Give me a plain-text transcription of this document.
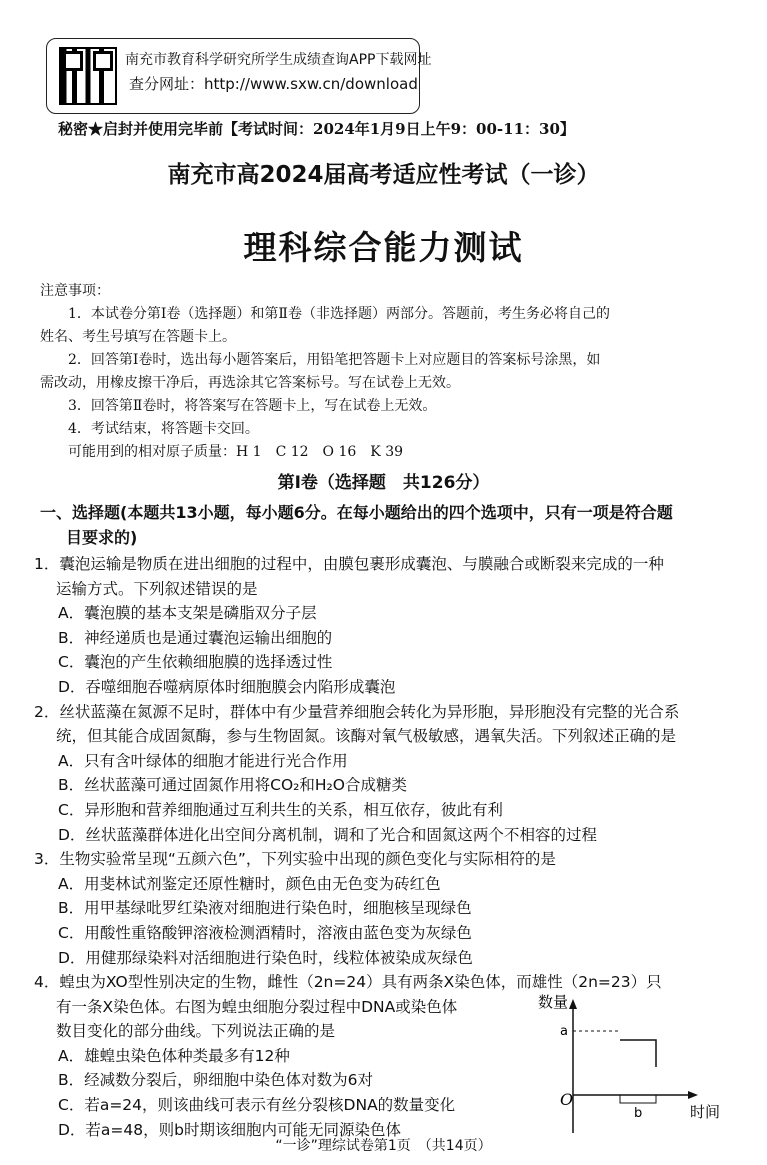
南充市教育科学研究所学生成绩查询APP下载网址
查分网址：http://www.sxw.cn/download
秘密★启封并使用完毕前【考试时间：2024年1月9日上午9：00-11：30】
南充市高2024届高考适应性考试（一诊）
理科综合能力测试
注意事项：
1．本试卷分第Ⅰ卷（选择题）和第Ⅱ卷（非选择题）两部分。答题前，考生务必将自己的
姓名、考生号填写在答题卡上。
2．回答第Ⅰ卷时，选出每小题答案后，用铅笔把答题卡上对应题目的答案标号涂黑，如
需改动，用橡皮擦干净后，再选涂其它答案标号。写在试卷上无效。
3．回答第Ⅱ卷时，将答案写在答题卡上，写在试卷上无效。
4．考试结束，将答题卡交回。
可能用到的相对原子质量：H 1　C 12　O 16　K 39
第Ⅰ卷（选择题　共126分）
一、选择题(本题共13小题，每小题6分。在每小题给出的四个选项中，只有一项是符合题
目要求的)
1．囊泡运输是物质在进出细胞的过程中，由膜包裹形成囊泡、与膜融合或断裂来完成的一种
运输方式。下列叙述错误的是
A．囊泡膜的基本支架是磷脂双分子层
B．神经递质也是通过囊泡运输出细胞的
C．囊泡的产生依赖细胞膜的选择透过性
D．吞噬细胞吞噬病原体时细胞膜会内陷形成囊泡
2．丝状蓝藻在氮源不足时，群体中有少量营养细胞会转化为异形胞，异形胞没有完整的光合系
统，但其能合成固氮酶，参与生物固氮。该酶对氧气极敏感，遇氧失活。下列叙述正确的是
A．只有含叶绿体的细胞才能进行光合作用
B．丝状蓝藻可通过固氮作用将CO₂和H₂O合成糖类
C．异形胞和营养细胞通过互利共生的关系，相互依存，彼此有利
D．丝状蓝藻群体进化出空间分离机制，调和了光合和固氮这两个不相容的过程
3．生物实验常呈现“五颜六色”，下列实验中出现的颜色变化与实际相符的是
A．用斐林试剂鉴定还原性糖时，颜色由无色变为砖红色
B．用甲基绿吡罗红染液对细胞进行染色时，细胞核呈现绿色
C．用酸性重铬酸钾溶液检测酒精时，溶液由蓝色变为灰绿色
D．用健那绿染料对活细胞进行染色时，线粒体被染成灰绿色
4．蝗虫为XO型性别决定的生物，雌性（2n=24）具有两条X染色体，而雄性（2n=23）只
有一条X染色体。右图为蝗虫细胞分裂过程中DNA或染色体
数目变化的部分曲线。下列说法正确的是
A．雄蝗虫染色体种类最多有12种
B．经减数分裂后，卵细胞中染色体对数为6对
C．若a=24，则该曲线可表示有丝分裂核DNA的数量变化
D．若a=48，则b时期该细胞内可能无同源染色体
数量
a
O
b	时间
“一诊”理综试卷第1页　（共14页）
